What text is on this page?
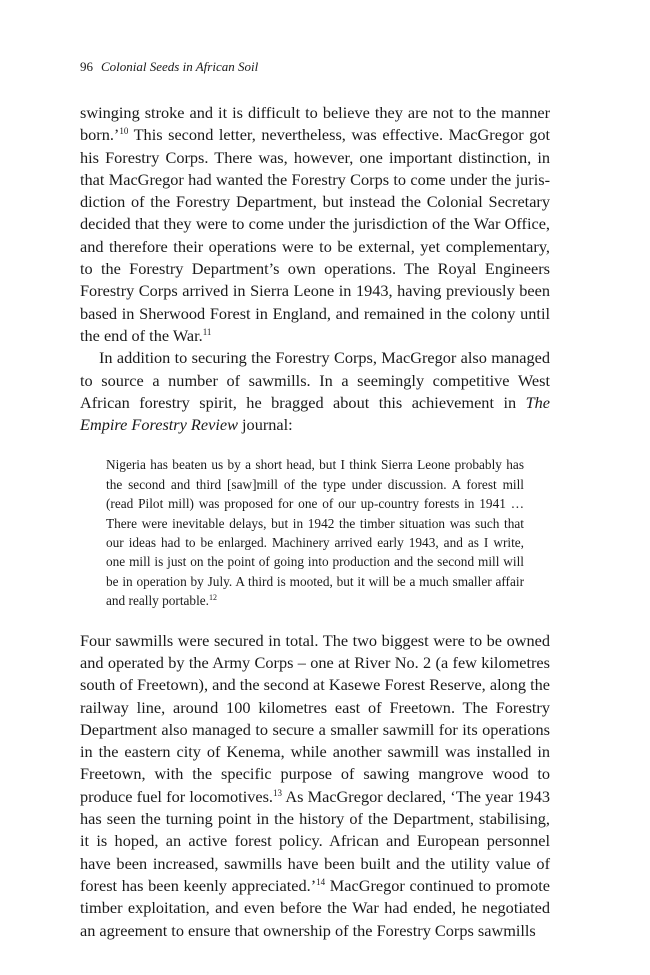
96 Colonial Seeds in African Soil

swinging stroke and it is difficult to believe they are not to the manner born.’$^{10}$ This second letter, nevertheless, was effective. MacGregor got his Forestry Corps. There was, however, one important distinction, in that MacGregor had wanted the Forestry Corps to come under the jurisdiction of the Forestry Department, but instead the Colonial Secretary decided that they were to come under the jurisdiction of the War Office, and therefore their operations were to be external, yet complementary, to the Forestry Department’s own operations. The Royal Engineers Forestry Corps arrived in Sierra Leone in 1943, having previously been based in Sherwood Forest in England, and remained in the colony until the end of the War.$^{11}$

In addition to securing the Forestry Corps, MacGregor also managed to source a number of sawmills. In a seemingly competitive West African forestry spirit, he bragged about this achievement in The Empire Forestry Review journal:

Nigeria has beaten us by a short head, but I think Sierra Leone probably has the second and third [saw]mill of the type under discussion. A forest mill (read Pilot mill) was proposed for one of our up-country forests in 1941 … There were inevitable delays, but in 1942 the timber situation was such that our ideas had to be enlarged. Machinery arrived early 1943, and as I write, one mill is just on the point of going into production and the second mill will be in operation by July. A third is mooted, but it will be a much smaller affair and really portable.$^{12}$

Four sawmills were secured in total. The two biggest were to be owned and operated by the Army Corps – one at River No. 2 (a few kilometres south of Freetown), and the second at Kasewe Forest Reserve, along the railway line, around 100 kilometres east of Freetown. The Forestry Department also managed to secure a smaller sawmill for its operations in the eastern city of Kenema, while another sawmill was installed in Freetown, with the specific purpose of sawing mangrove wood to produce fuel for locomotives.$^{13}$ As MacGregor declared, ‘The year 1943 has seen the turning point in the history of the Department, stabilising, it is hoped, an active forest policy. African and European personnel have been increased, sawmills have been built and the utility value of forest has been keenly appreciated.’$^{14}$ MacGregor continued to promote timber exploitation, and even before the War had ended, he negotiated an agreement to ensure that ownership of the Forestry Corps sawmills
